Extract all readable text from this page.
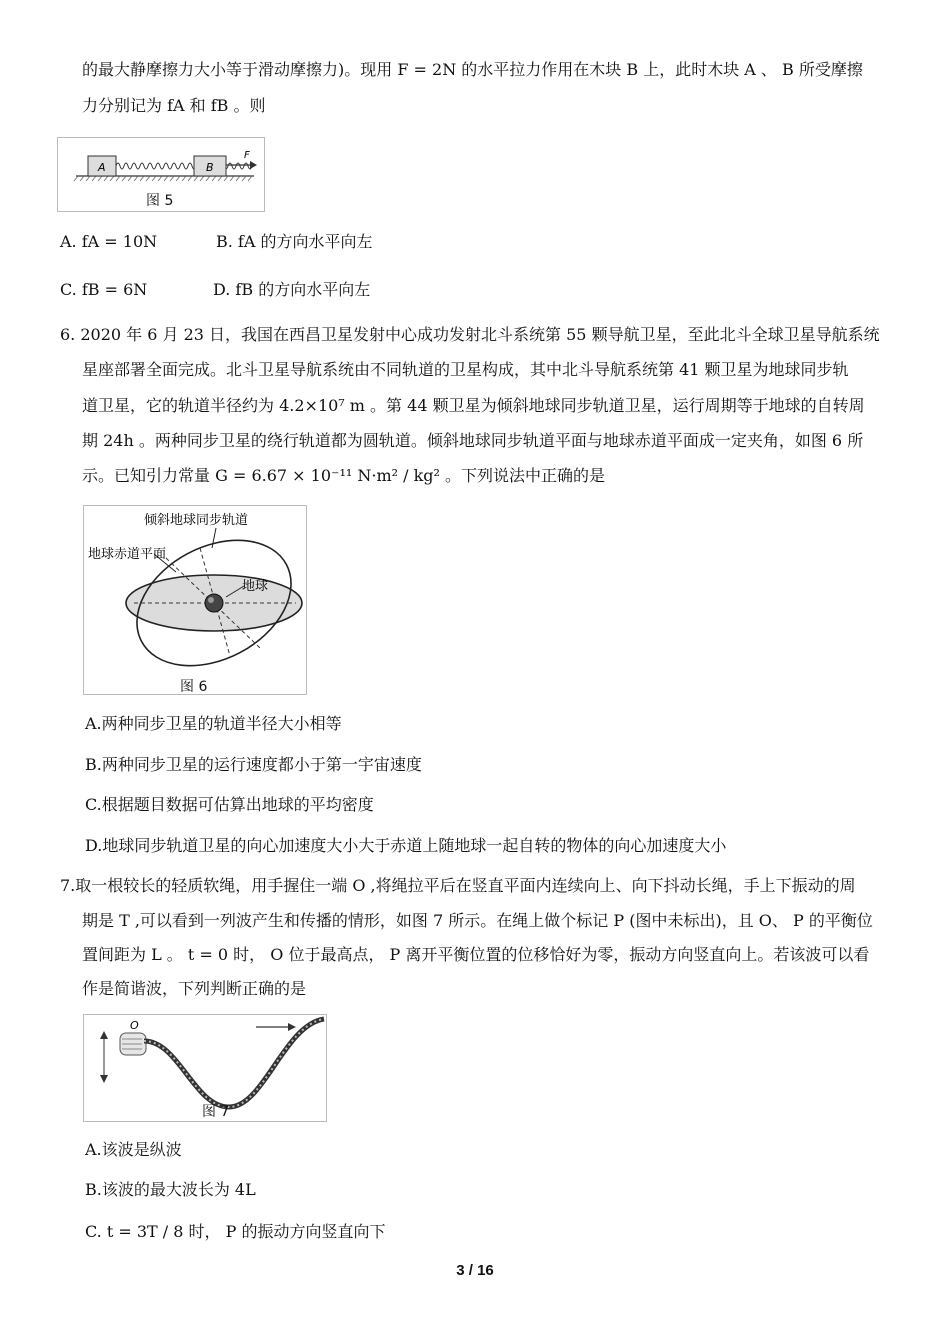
的最大静摩擦力大小等于滑动摩擦力)。现用 F = 2N 的水平拉力作用在木块 B 上，此时木块 A 、 B 所受摩擦
力分别记为 fA 和 fB 。则
A	B
F
图 5
A. fA = 10N	B. fA 的方向水平向左
C. fB = 6N	D. fB 的方向水平向左
6. 2020 年 6 月 23 日，我国在西昌卫星发射中心成功发射北斗系统第 55 颗导航卫星，至此北斗全球卫星导航系统
星座部署全面完成。北斗卫星导航系统由不同轨道的卫星构成，其中北斗导航系统第 41 颗卫星为地球同步轨
道卫星，它的轨道半径约为 4.2×10⁷ m 。第 44 颗卫星为倾斜地球同步轨道卫星，运行周期等于地球的自转周
期 24h 。两种同步卫星的绕行轨道都为圆轨道。倾斜地球同步轨道平面与地球赤道平面成一定夹角，如图 6 所
示。已知引力常量 G = 6.67 × 10⁻¹¹ N·m² / kg² 。下列说法中正确的是
倾斜地球同步轨道
地球赤道平面
地球
图 6
A.两种同步卫星的轨道半径大小相等
B.两种同步卫星的运行速度都小于第一宇宙速度
C.根据题目数据可估算出地球的平均密度
D.地球同步轨道卫星的向心加速度大小大于赤道上随地球一起自转的物体的向心加速度大小
7.取一根较长的轻质软绳，用手握住一端 O ,将绳拉平后在竖直平面内连续向上、向下抖动长绳，手上下振动的周
期是 T ,可以看到一列波产生和传播的情形，如图 7 所示。在绳上做个标记 P (图中未标出)，且 O、 P 的平衡位
置间距为 L 。 t = 0 时， O 位于最高点， P 离开平衡位置的位移恰好为零，振动方向竖直向上。若该波可以看
作是简谐波，下列判断正确的是
O
图 7
A.该波是纵波
B.该波的最大波长为 4L
C. t = 3T / 8 时， P 的振动方向竖直向下
3 / 16
